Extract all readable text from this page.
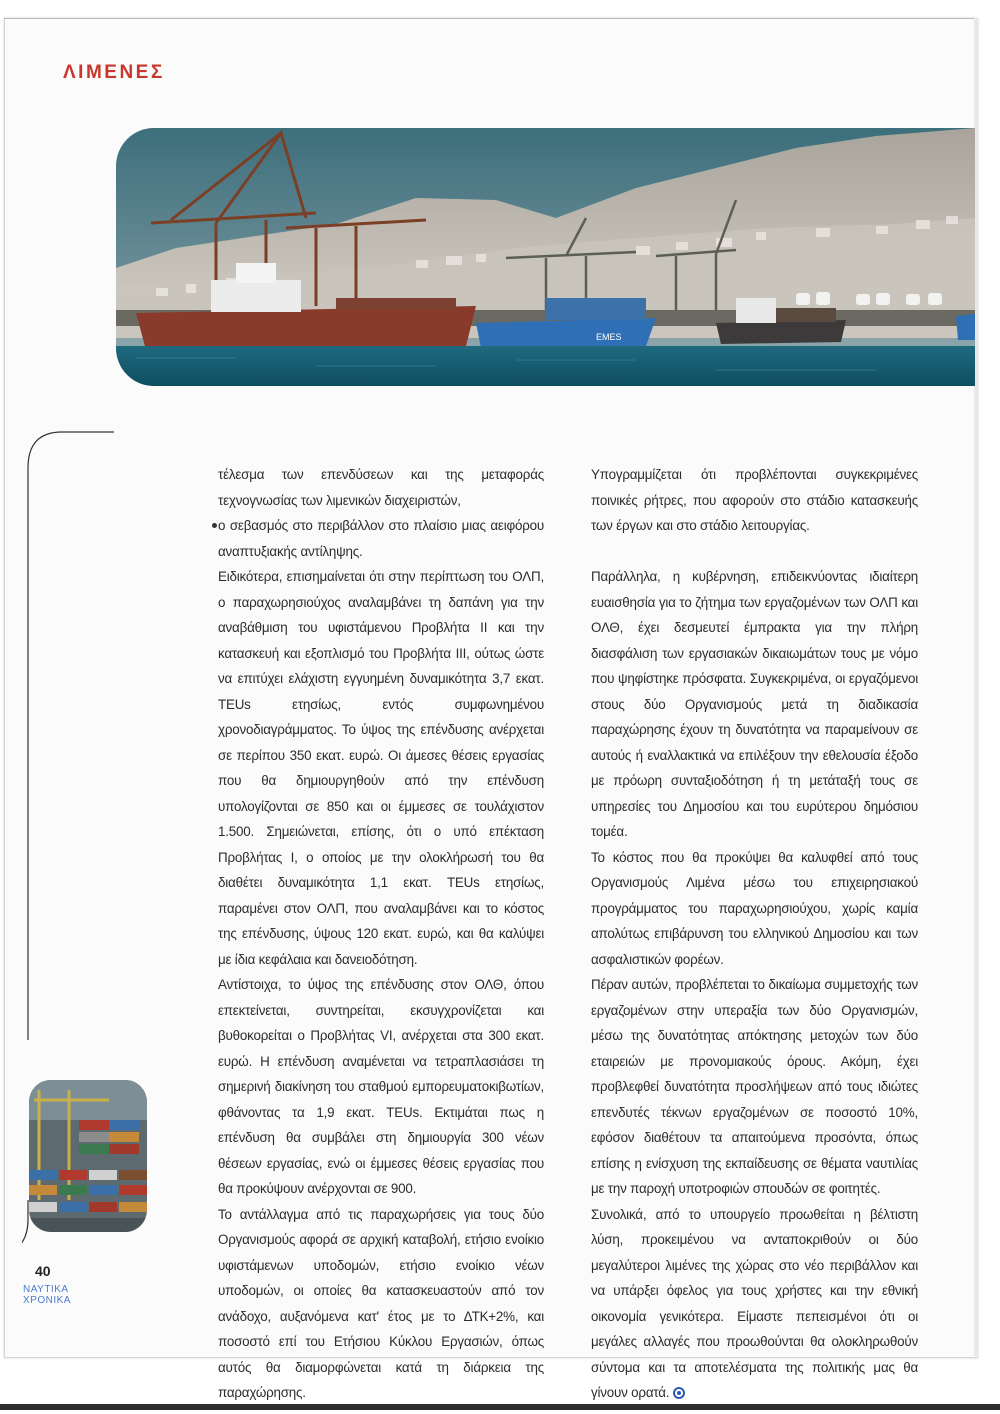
ΛΙΜΕΝΕΣ
EMES

τέλεσμα των επενδύσεων και της μεταφοράς τεχνογνωσίας των λιμενικών διαχειριστών,

ο σεβασμός στο περιβάλλον στο πλαίσιο μιας αειφόρου αναπτυξιακής αντίληψης.

Ειδικότερα, επισημαίνεται ότι στην περίπτωση του ΟΛΠ, ο παραχωρησιούχος αναλαμβάνει τη δαπάνη για την αναβάθμιση του υφιστάμενου Προβλήτα ΙΙ και την κατασκευή και εξοπλισμό του Προβλήτα ΙΙΙ, ούτως ώστε να επιτύχει ελάχιστη εγγυημένη δυναμικότητα 3,7 εκατ. TEUs ετησίως, εντός συμφωνημένου χρονοδιαγράμματος. Το ύψος της επένδυσης ανέρχεται σε περίπου 350 εκατ. ευρώ. Οι άμεσες θέσεις εργασίας που θα δημιουργηθούν από την επένδυση υπολογίζονται σε 850 και οι έμμεσες σε τουλάχιστον 1.500. Σημειώνεται, επίσης, ότι ο υπό επέκταση Προβλήτας Ι, ο οποίος με την ολοκλήρωσή του θα διαθέτει δυναμικότητα 1,1 εκατ. TEUs ετησίως, παραμένει στον ΟΛΠ, που αναλαμβάνει και το κόστος της επένδυσης, ύψους 120 εκατ. ευρώ, και θα καλύψει με ίδια κεφάλαια και δανειοδότηση.

Αντίστοιχα, το ύψος της επένδυσης στον ΟΛΘ, όπου επεκτείνεται, συντηρείται, εκσυγχρονίζεται και βυθοκορείται ο Προβλήτας VI, ανέρχεται στα 300 εκατ. ευρώ. Η επένδυση αναμένεται να τετραπλασιάσει τη σημερινή διακίνηση του σταθμού εμπορευματοκιβωτίων, φθάνοντας τα 1,9 εκατ. TEUs. Εκτιμάται πως η επένδυση θα συμβάλει στη δημιουργία 300 νέων θέσεων εργασίας, ενώ οι έμμεσες θέσεις εργασίας που θα προκύψουν ανέρχονται σε 900.

Το αντάλλαγμα από τις παραχωρήσεις για τους δύο Οργανισμούς αφορά σε αρχική καταβολή, ετήσιο ενοίκιο υφιστάμενων υποδομών, ετήσιο ενοίκιο νέων υποδομών, οι οποίες θα κατασκευαστούν από τον ανάδοχο, αυξανόμενα κατ' έτος με το ΔΤΚ+2%, και ποσοστό επί του Ετήσιου Κύκλου Εργασιών, όπως αυτός θα διαμορφώνεται κατά τη διάρκεια της παραχώρησης.

Υπογραμμίζεται ότι προβλέπονται συγκεκριμένες ποινικές ρήτρες, που αφορούν στο στάδιο κατασκευής των έργων και στο στάδιο λειτουργίας.

Παράλληλα, η κυβέρνηση, επιδεικνύοντας ιδιαίτερη ευαισθησία για το ζήτημα των εργαζομένων των ΟΛΠ και ΟΛΘ, έχει δεσμευτεί έμπρακτα για την πλήρη διασφάλιση των εργασιακών δικαιωμάτων τους με νόμο που ψηφίστηκε πρόσφατα. Συγκεκριμένα, οι εργαζόμενοι στους δύο Οργανισμούς μετά τη διαδικασία παραχώρησης έχουν τη δυνατότητα να παραμείνουν σε αυτούς ή εναλλακτικά να επιλέξουν την εθελουσία έξοδο με πρόωρη συνταξιοδότηση ή τη μετάταξή τους σε υπηρεσίες του Δημοσίου και του ευρύτερου δημόσιου τομέα.

Το κόστος που θα προκύψει θα καλυφθεί από τους Οργανισμούς Λιμένα μέσω του επιχειρησιακού προγράμματος του παραχωρησιούχου, χωρίς καμία απολύτως επιβάρυνση του ελληνικού Δημοσίου και των ασφαλιστικών φορέων.

Πέραν αυτών, προβλέπεται το δικαίωμα συμμετοχής των εργαζομένων στην υπεραξία των δύο Οργανισμών, μέσω της δυνατότητας απόκτησης μετοχών των δύο εταιρειών με προνομιακούς όρους. Ακόμη, έχει προβλεφθεί δυνατότητα προσλήψεων από τους ιδιώτες επενδυτές τέκνων εργαζομένων σε ποσοστό 10%, εφόσον διαθέτουν τα απαιτούμενα προσόντα, όπως επίσης η ενίσχυση της εκπαίδευσης σε θέματα ναυτιλίας με την παροχή υποτροφιών σπουδών σε φοιτητές.

Συνολικά, από το υπουργείο προωθείται η βέλτιστη λύση, προκειμένου να ανταποκριθούν οι δύο μεγαλύτεροι λιμένες της χώρας στο νέο περιβάλλον και να υπάρξει όφελος για τους χρήστες και την εθνική οικονομία γενικότερα. Είμαστε πεπεισμένοι ότι οι μεγάλες αλλαγές που προωθούνται θα ολοκληρωθούν σύντομα και τα αποτελέσματα της πολιτικής μας θα γίνουν ορατά.

40
ΝΑΥΤΙΚΑ
ΧΡΟΝΙΚΑ
